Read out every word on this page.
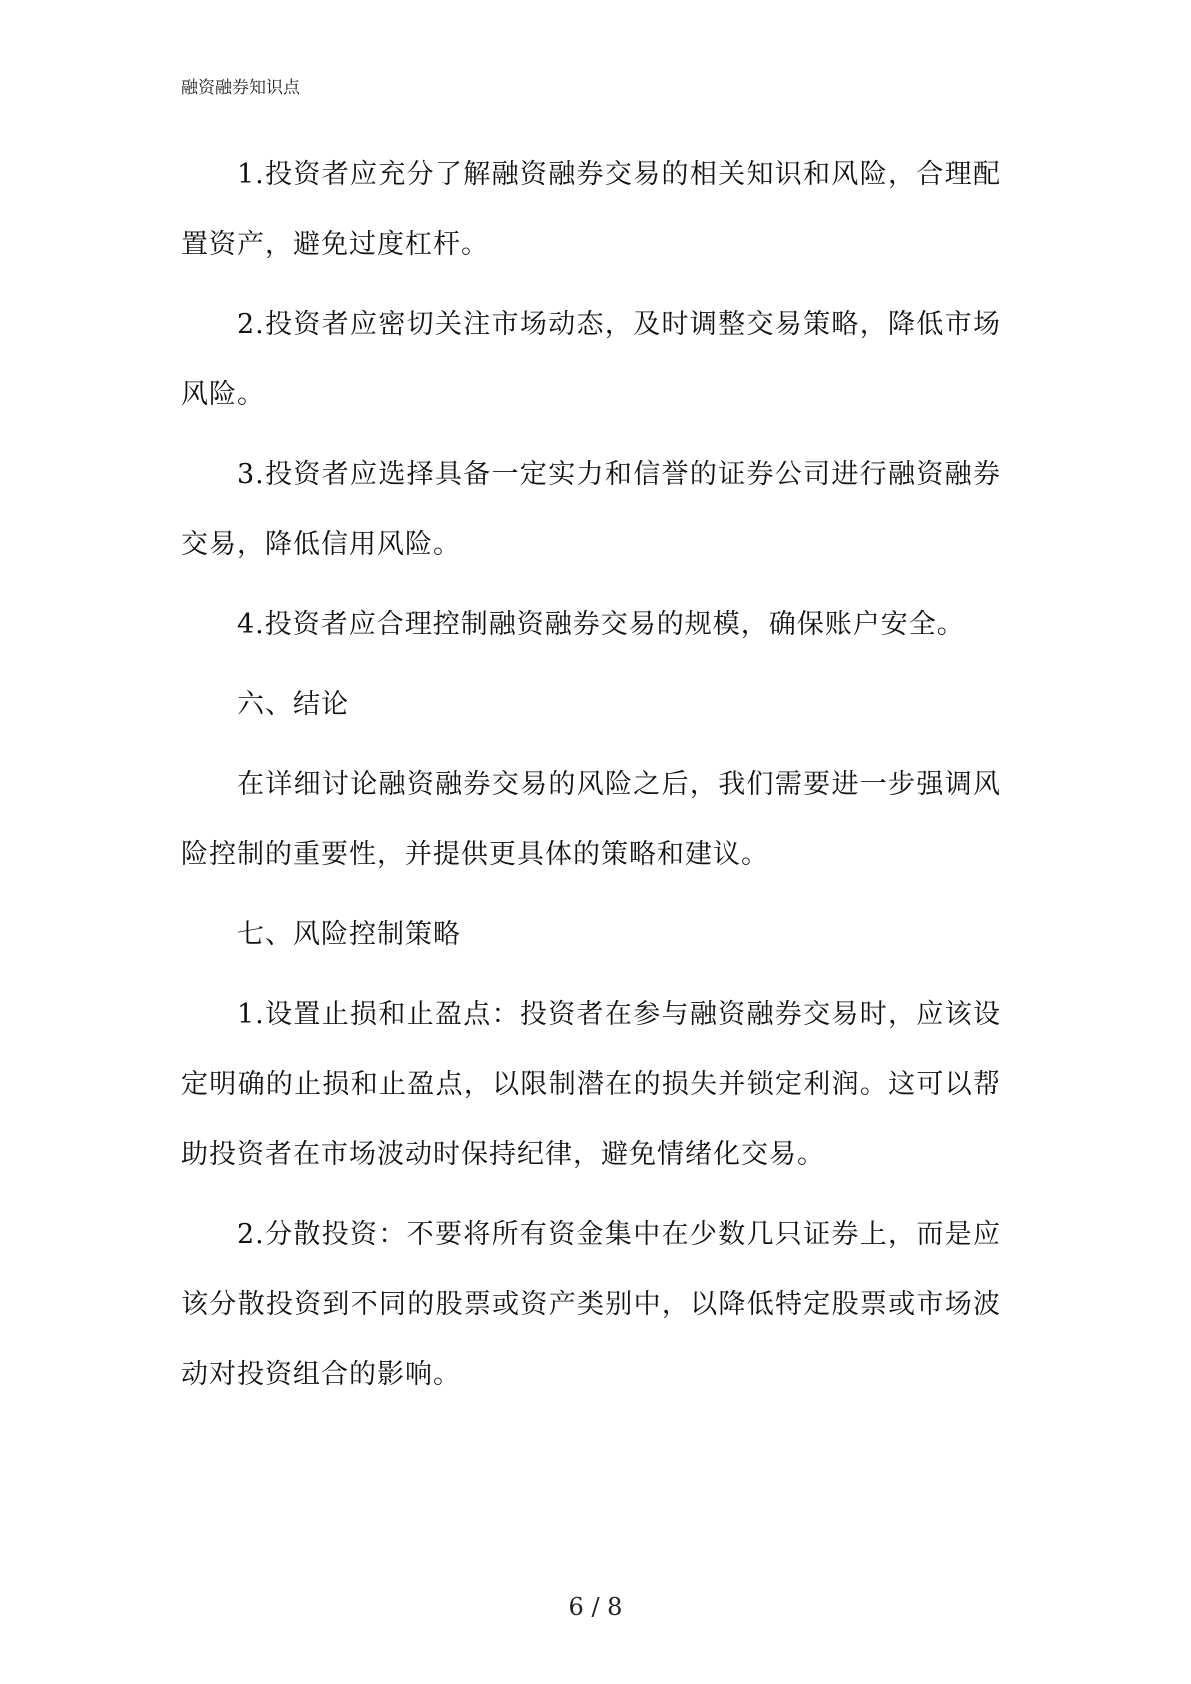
融资融券知识点

1.投资者应充分了解融资融券交易的相关知识和风险，合理配置资产，避免过度杠杆。

2.投资者应密切关注市场动态，及时调整交易策略，降低市场风险。

3.投资者应选择具备一定实力和信誉的证券公司进行融资融券交易，降低信用风险。

4.投资者应合理控制融资融券交易的规模，确保账户安全。

六、结论

在详细讨论融资融券交易的风险之后，我们需要进一步强调风险控制的重要性，并提供更具体的策略和建议。

七、风险控制策略

1.设置止损和止盈点：投资者在参与融资融券交易时，应该设定明确的止损和止盈点，以限制潜在的损失并锁定利润。这可以帮助投资者在市场波动时保持纪律，避免情绪化交易。

2.分散投资：不要将所有资金集中在少数几只证券上，而是应该分散投资到不同的股票或资产类别中，以降低特定股票或市场波动对投资组合的影响。

6 / 8
